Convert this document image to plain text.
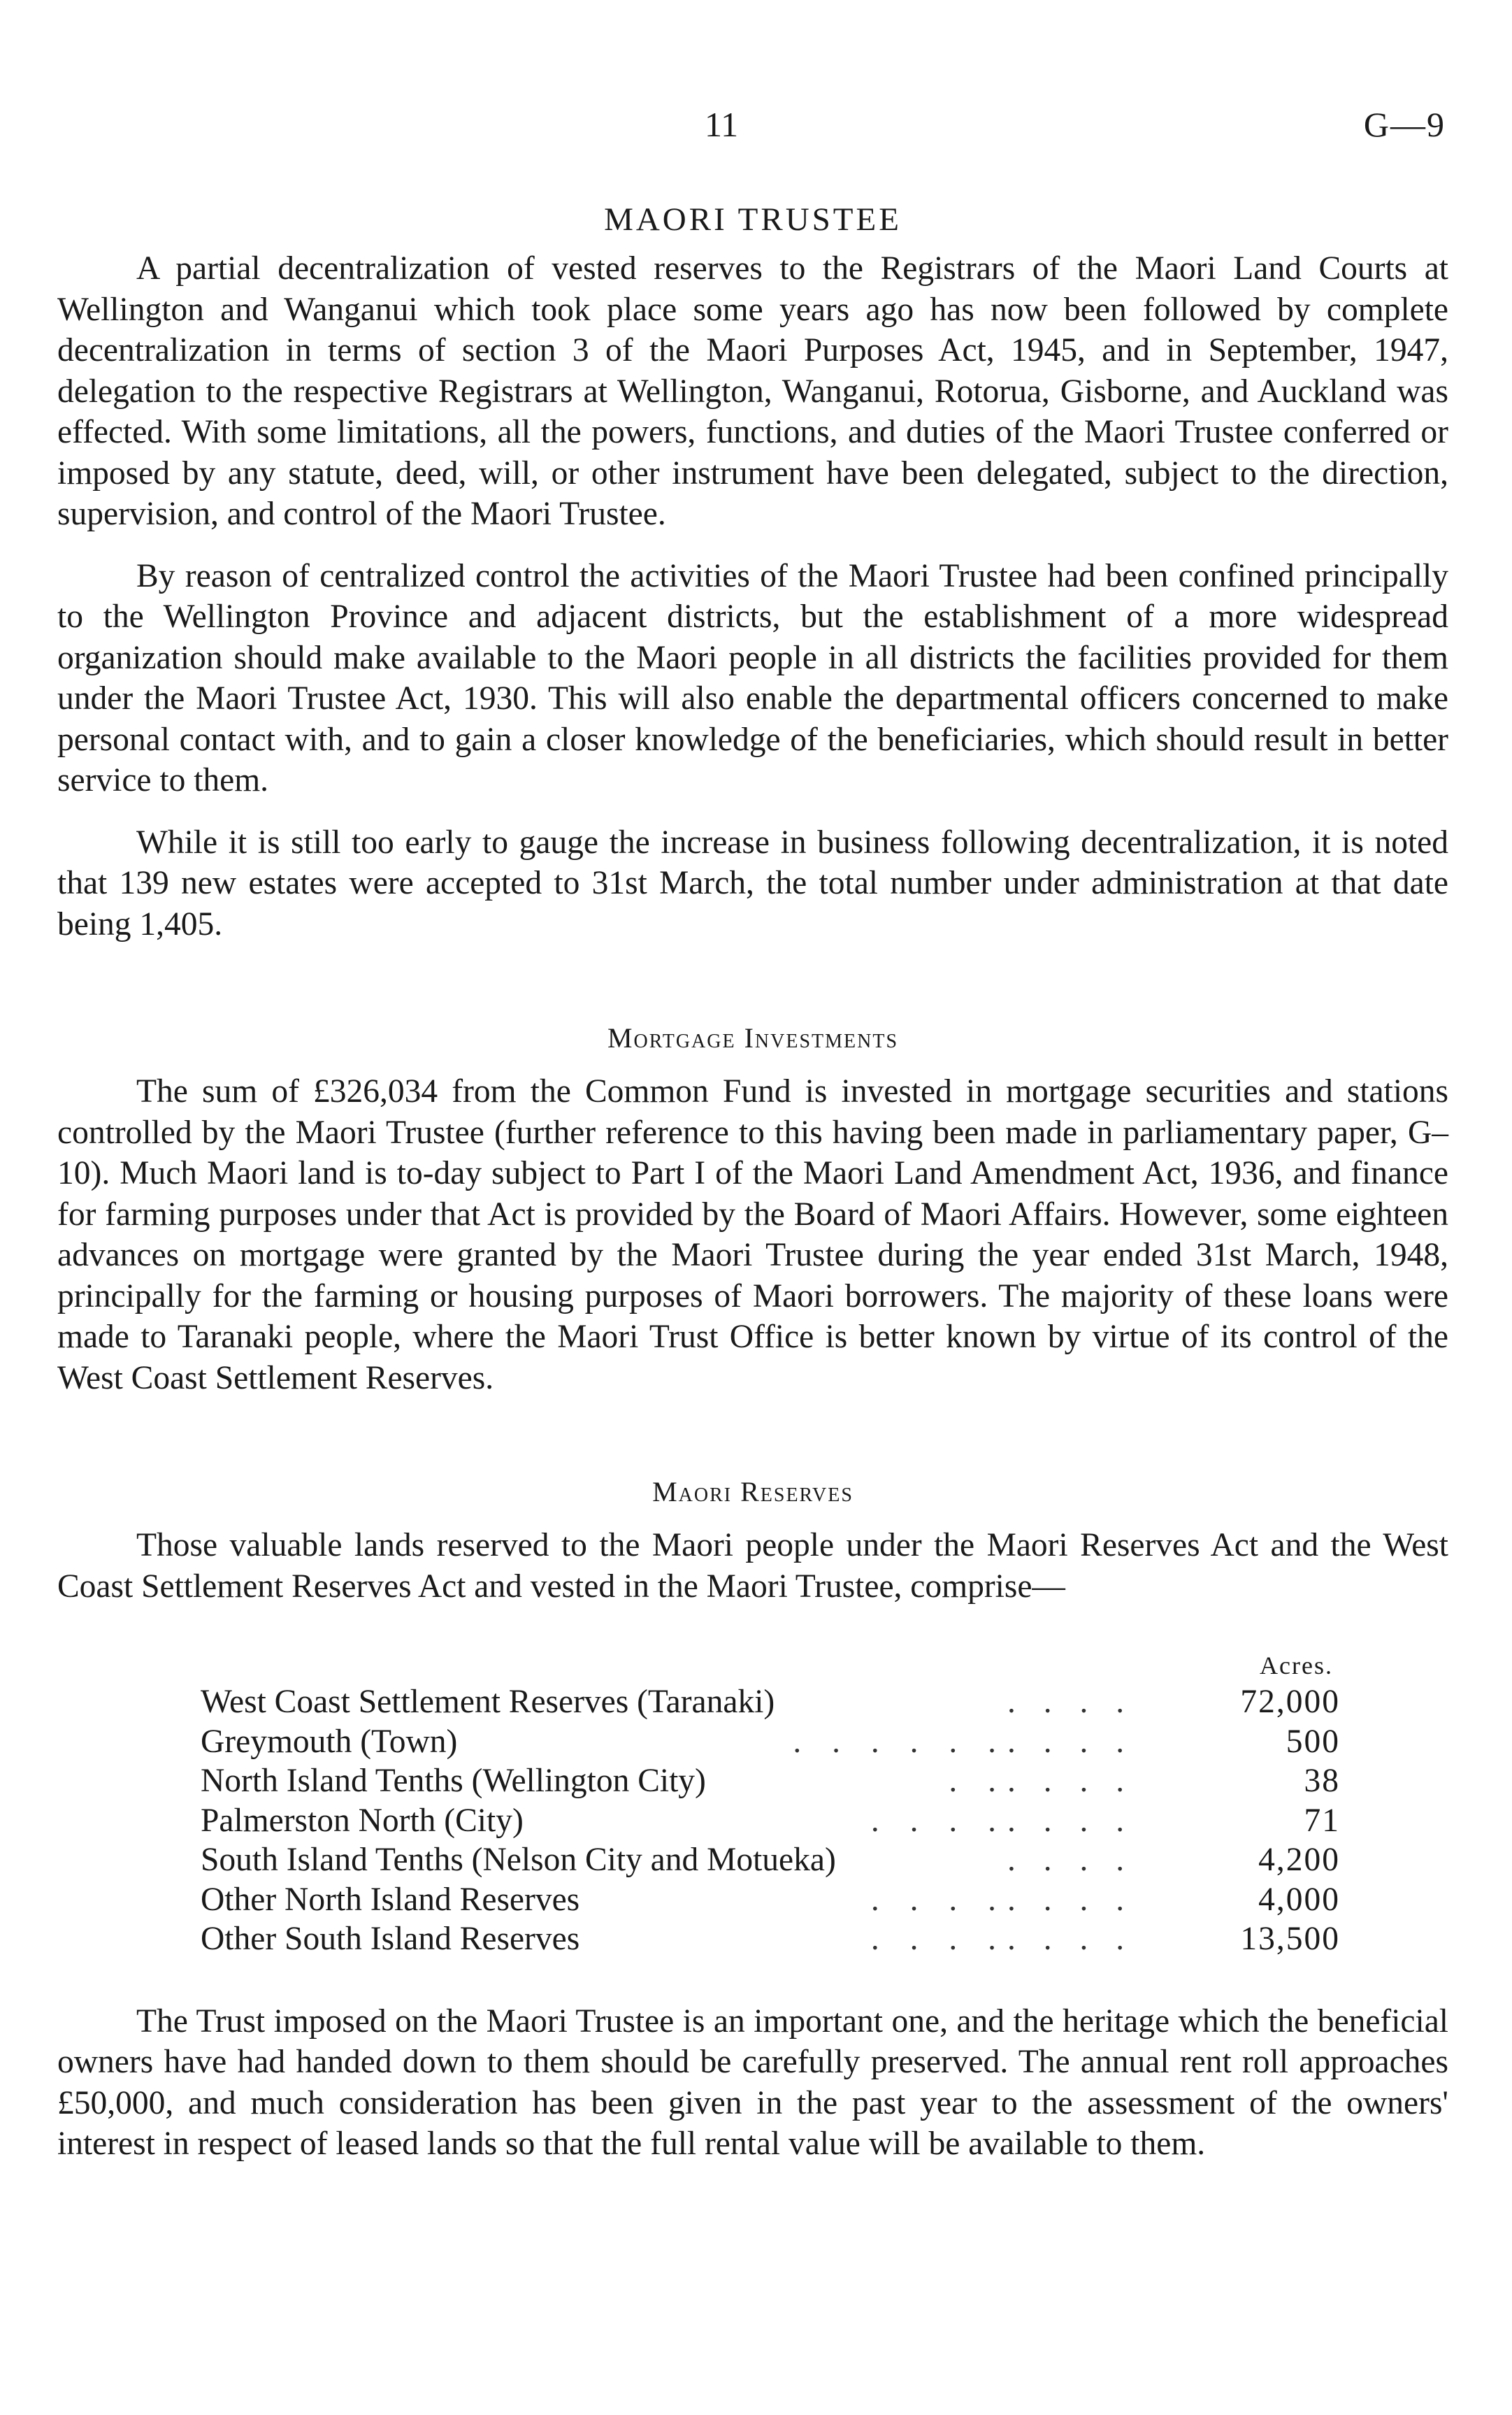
11	G—9
MAORI TRUSTEE

A partial decentralization of vested reserves to the Registrars of the Maori Land Courts at Wellington and Wanganui which took place some years ago has now been followed by complete decentralization in terms of section 3 of the Maori Purposes Act, 1945, and in September, 1947, delegation to the respective Registrars at Wellington, Wanganui, Rotorua, Gisborne, and Auckland was effected. With some limitations, all the powers, functions, and duties of the Maori Trustee conferred or imposed by any statute, deed, will, or other instrument have been delegated, subject to the direction, supervision, and control of the Maori Trustee.

By reason of centralized control the activities of the Maori Trustee had been confined principally to the Wellington Province and adjacent districts, but the establishment of a more widespread organization should make available to the Maori people in all districts the facilities provided for them under the Maori Trustee Act, 1930. This will also enable the departmental officers concerned to make personal contact with, and to gain a closer knowledge of the beneficiaries, which should result in better service to them.

While it is still too early to gauge the increase in business following decentralization, it is noted that 139 new estates were accepted to 31st March, the total number under administration at that date being 1,405.

Mortgage Investments

The sum of £326,034 from the Common Fund is invested in mortgage securities and stations controlled by the Maori Trustee (further reference to this having been made in parliamentary paper, G–10). Much Maori land is to-day subject to Part I of the Maori Land Amendment Act, 1936, and finance for farming purposes under that Act is provided by the Board of Maori Affairs. However, some eighteen advances on mortgage were granted by the Maori Trustee during the year ended 31st March, 1948, principally for the farming or housing purposes of Maori borrowers. The majority of these loans were made to Taranaki people, where the Maori Trust Office is better known by virtue of its control of the West Coast Settlement Reserves.

Maori Reserves

Those valuable lands reserved to the Maori people under the Maori Reserves Act and the West Coast Settlement Reserves Act and vested in the Maori Trustee, comprise—

		Acres.
West Coast Settlement Reserves (Taranaki)	. . . .	72,000
Greymouth (Town) . . . . . .	. . . .	500
North Island Tenths (Wellington City) . .	. . . .	38
Palmerston North (City) . . . .	. . . .	71
South Island Tenths (Nelson City and Motueka)	. . . .	4,200
Other North Island Reserves . . . .	. . . .	4,000
Other South Island Reserves . . . .	. . . .	13,500

The Trust imposed on the Maori Trustee is an important one, and the heritage which the beneficial owners have had handed down to them should be carefully preserved. The annual rent roll approaches £50,000, and much consideration has been given in the past year to the assessment of the owners' interest in respect of leased lands so that the full rental value will be available to them.
